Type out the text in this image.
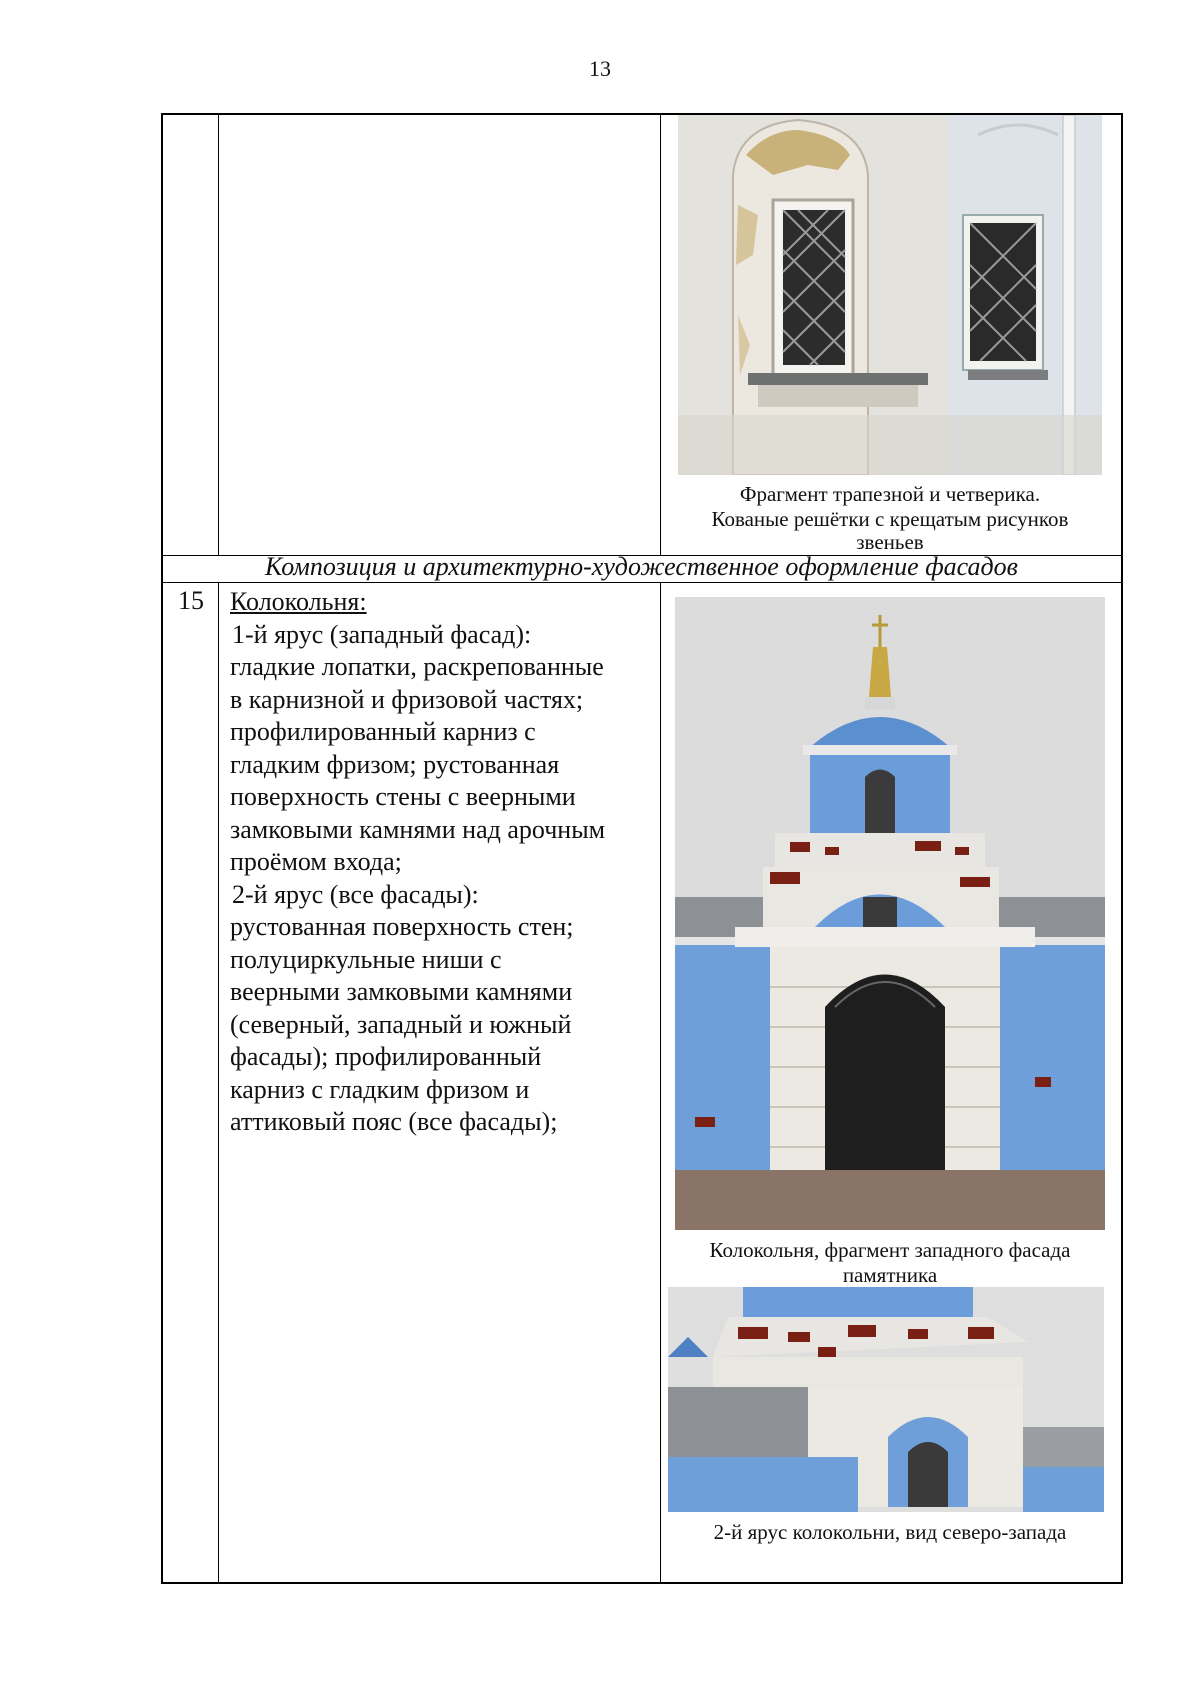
13
Фрагмент трапезной и четверика.
Кованые решётки с крещатым рисунков
звеньев
Композиция и архитектурно-художественное оформление фасадов
15	Колокольня:
1-й ярус (западный фасад):
гладкие лопатки, раскрепованные
в карнизной и фризовой частях;
профилированный карниз с
гладким фризом; рустованная
поверхность стены с веерными
замковыми камнями над арочным
проёмом входа;
2-й ярус (все фасады):
рустованная поверхность стен;
полуциркульные ниши с
веерными замковыми камнями
(северный, западный и южный
фасады); профилированный
карниз с гладким фризом и
аттиковый пояс (все фасады);
Колокольня, фрагмент западного фасада
памятника
2-й ярус колокольни, вид северо-запада
